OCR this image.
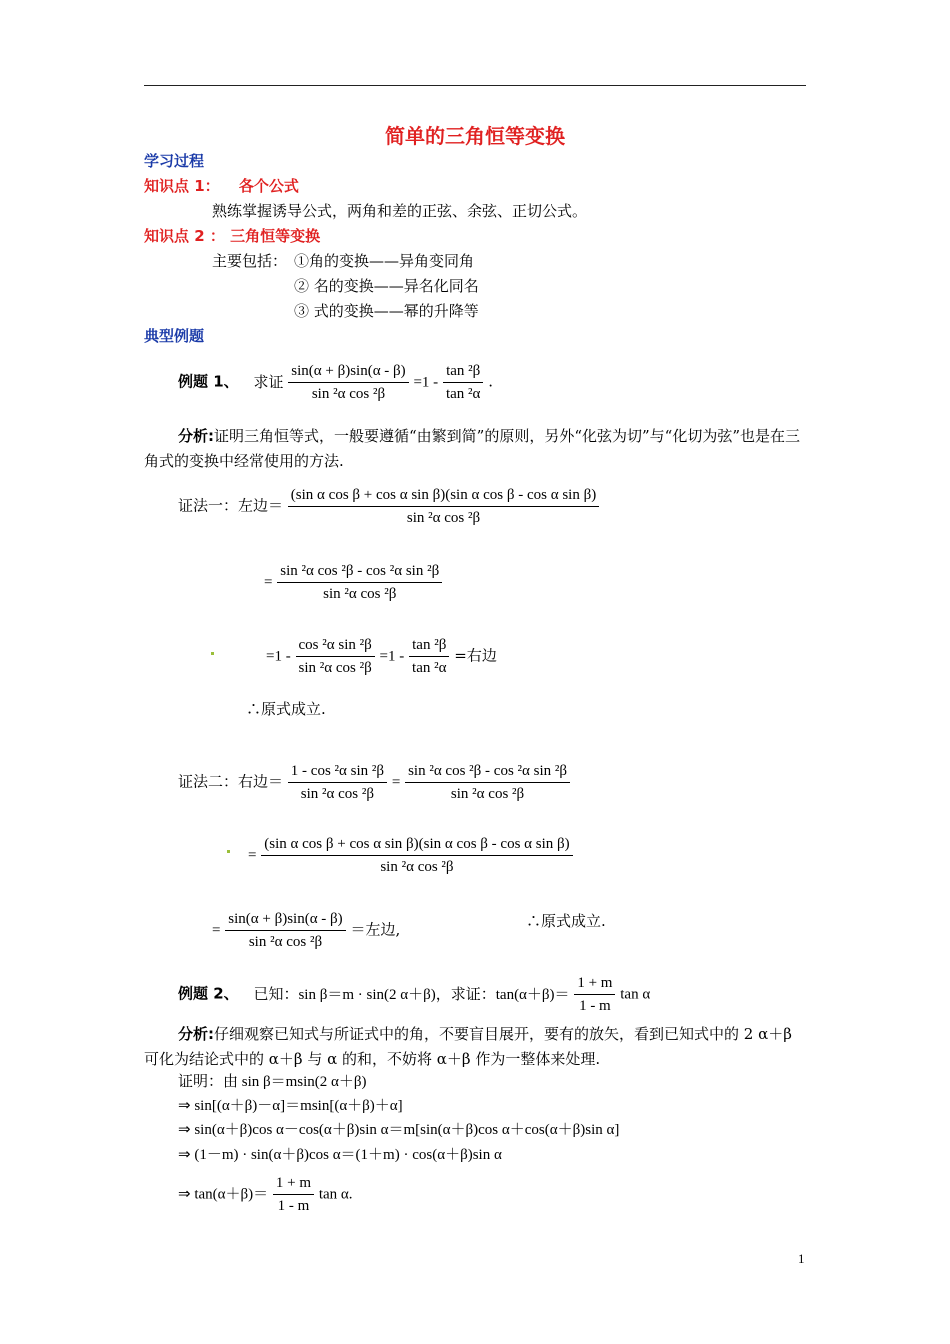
简单的三角恒等变换
学习过程
知识点 1： 各个公式
熟练掌握诱导公式，两角和差的正弦、余弦、正切公式。
知识点 2 ： 三角恒等变换
主要包括： ①角的变换——异角变同角
② 名的变换——异名化同名
③ 式的变换——幂的升降等
典型例题
例题 1、 求证 $\frac{\sin(\alpha + \beta)\sin(\alpha - \beta)}{\text{sin ²α cos ²β}} =1 - \frac{\text{tan ²β}}{\text{tan ²α}}$ .
分析:证明三角恒等式，一般要遵循“由繁到简”的原则，另外“化弦为切”与“化切为弦”也是在三角式的变换中经常使用的方法.
证法一：左边＝ $\frac{\text{(sin α cos β + cos α sin β)(sin α cos β - cos α sin β)}}{\text{sin ²α cos ²β}}$
= $\frac{\text{sin ²α cos ²β - cos ²α sin ²β}}{\text{sin ²α cos ²β}}$
$=1 - \frac{\text{cos ²α sin ²β}}{\text{sin ²α cos ²β}} =1 - \frac{\text{tan ²β}}{\text{tan ²α}}$ =右边
∴原式成立.
证法二：右边＝ $\frac{\text{1 - cos ²α sin ²β}}{\text{sin ²α cos ²β}} = \frac{\text{sin ²α cos ²β - cos ²α sin ²β}}{\text{sin ²α cos ²β}}$
= $\frac{\text{(sin α cos β + cos α sin β)(sin α cos β - cos α sin β)}}{\text{sin ²α cos ²β}}$
= $\frac{\sin(\alpha + \beta)\sin(\alpha - \beta)}{\text{sin ²α cos ²β}}$ ＝左边,	∴原式成立.
例题 2、 已知：sin β＝m · sin(2 α＋β)，求证：$\tan(\alpha+\beta)= \frac{1 + m}{1 - m}$ tan α
分析:仔细观察已知式与所证式中的角，不要盲目展开，要有的放矢，看到已知式中的 2 α＋β 可化为结论式中的 α＋β 与 α 的和，不妨将 α＋β 作为一整体来处理.
证明：由 sin β＝msin(2 α＋β)
⇒ sin[(α＋β)－α]＝msin[(α＋β)＋α]
⇒ sin(α＋β)cos α－cos(α＋β)sin α＝m[sin(α＋β)cos α＋cos(α＋β)sin α]
⇒ (1－m) · sin(α＋β)cos α＝(1＋m) · cos(α＋β)sin α
⇒ $\tan(\alpha+\beta)= \frac{1 + m}{1 - m}$ tan α.
1
